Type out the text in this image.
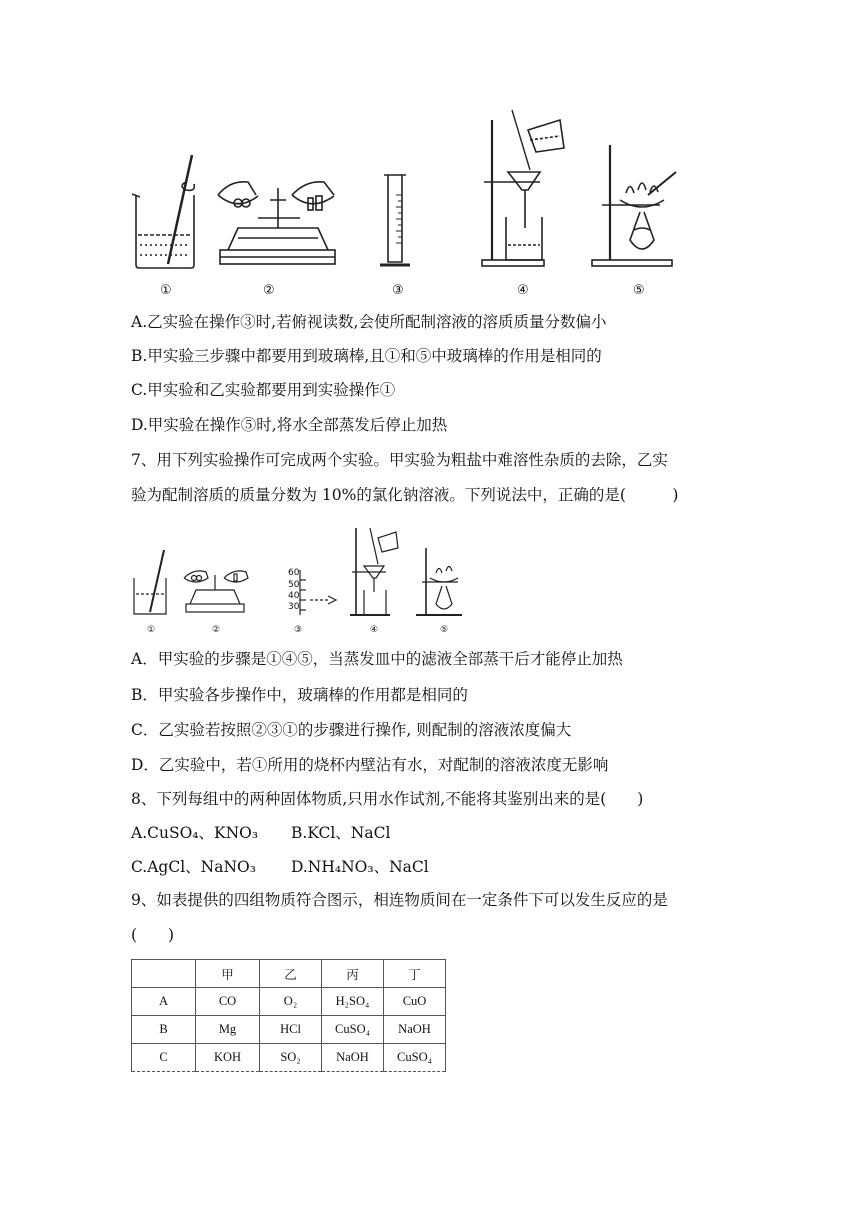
①	②	③	④	⑤
A.乙实验在操作③时,若俯视读数,会使所配制溶液的溶质质量分数偏小
B.甲实验三步骤中都要用到玻璃棒,且①和⑤中玻璃棒的作用是相同的
C.甲实验和乙实验都要用到实验操作①
D.甲实验在操作⑤时,将水全部蒸发后停止加热
7、用下列实验操作可完成两个实验。甲实验为粗盐中难溶性杂质的去除，乙实
验为配制溶质的质量分数为 10%的氯化钠溶液。下列说法中，正确的是(　　　)
60
50
40
30
①	②	③	④	⑤
A．甲实验的步骤是①④⑤，当蒸发皿中的滤液全部蒸干后才能停止加热
B．甲实验各步操作中，玻璃棒的作用都是相同的
C．乙实验若按照②③①的步骤进行操作, 则配制的溶液浓度偏大
D．乙实验中，若①所用的烧杯内壁沾有水，对配制的溶液浓度无影响
8、下列每组中的两种固体物质,只用水作试剂,不能将其鉴别出来的是(　　)
A.CuSO₄、KNO₃ B.KCl、NaCl
C.AgCl、NaNO₃ D.NH₄NO₃、NaCl
9、如表提供的四组物质符合图示，相连物质间在一定条件下可以发生反应的是
(　　)
	甲	乙	丙	丁
A	CO	O₂	H₂SO₄	CuO
B	Mg	HCl	CuSO₄	NaOH
C	KOH	SO₂	NaOH	CuSO₄
